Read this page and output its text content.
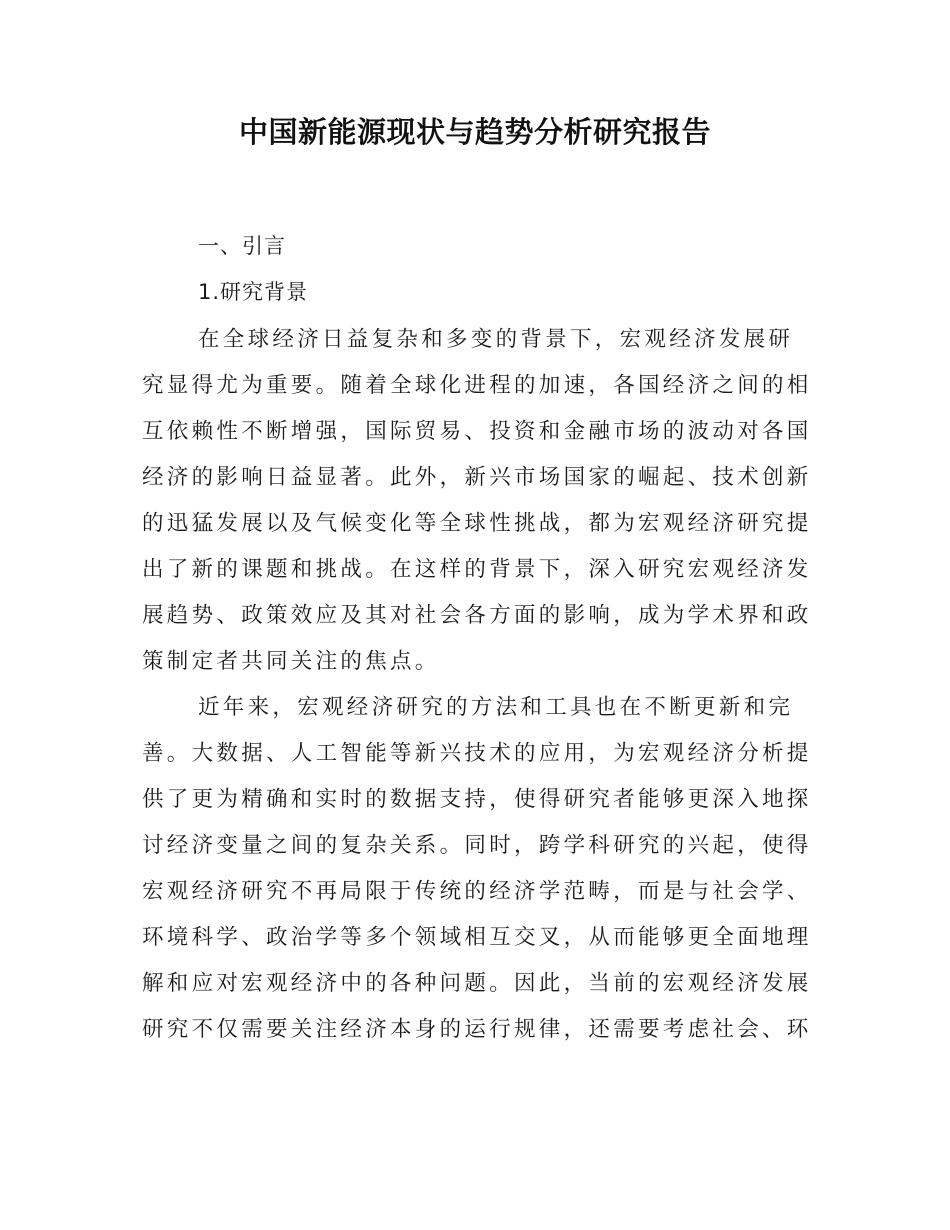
中国新能源现状与趋势分析研究报告
一、引言
1.研究背景
在全球经济日益复杂和多变的背景下，宏观经济发展研
究显得尤为重要。随着全球化进程的加速，各国经济之间的相
互依赖性不断增强，国际贸易、投资和金融市场的波动对各国
经济的影响日益显著。此外，新兴市场国家的崛起、技术创新
的迅猛发展以及气候变化等全球性挑战，都为宏观经济研究提
出了新的课题和挑战。在这样的背景下，深入研究宏观经济发
展趋势、政策效应及其对社会各方面的影响，成为学术界和政
策制定者共同关注的焦点。
近年来，宏观经济研究的方法和工具也在不断更新和完
善。大数据、人工智能等新兴技术的应用，为宏观经济分析提
供了更为精确和实时的数据支持，使得研究者能够更深入地探
讨经济变量之间的复杂关系。同时，跨学科研究的兴起，使得
宏观经济研究不再局限于传统的经济学范畴，而是与社会学、
环境科学、政治学等多个领域相互交叉，从而能够更全面地理
解和应对宏观经济中的各种问题。因此，当前的宏观经济发展
研究不仅需要关注经济本身的运行规律，还需要考虑社会、环
